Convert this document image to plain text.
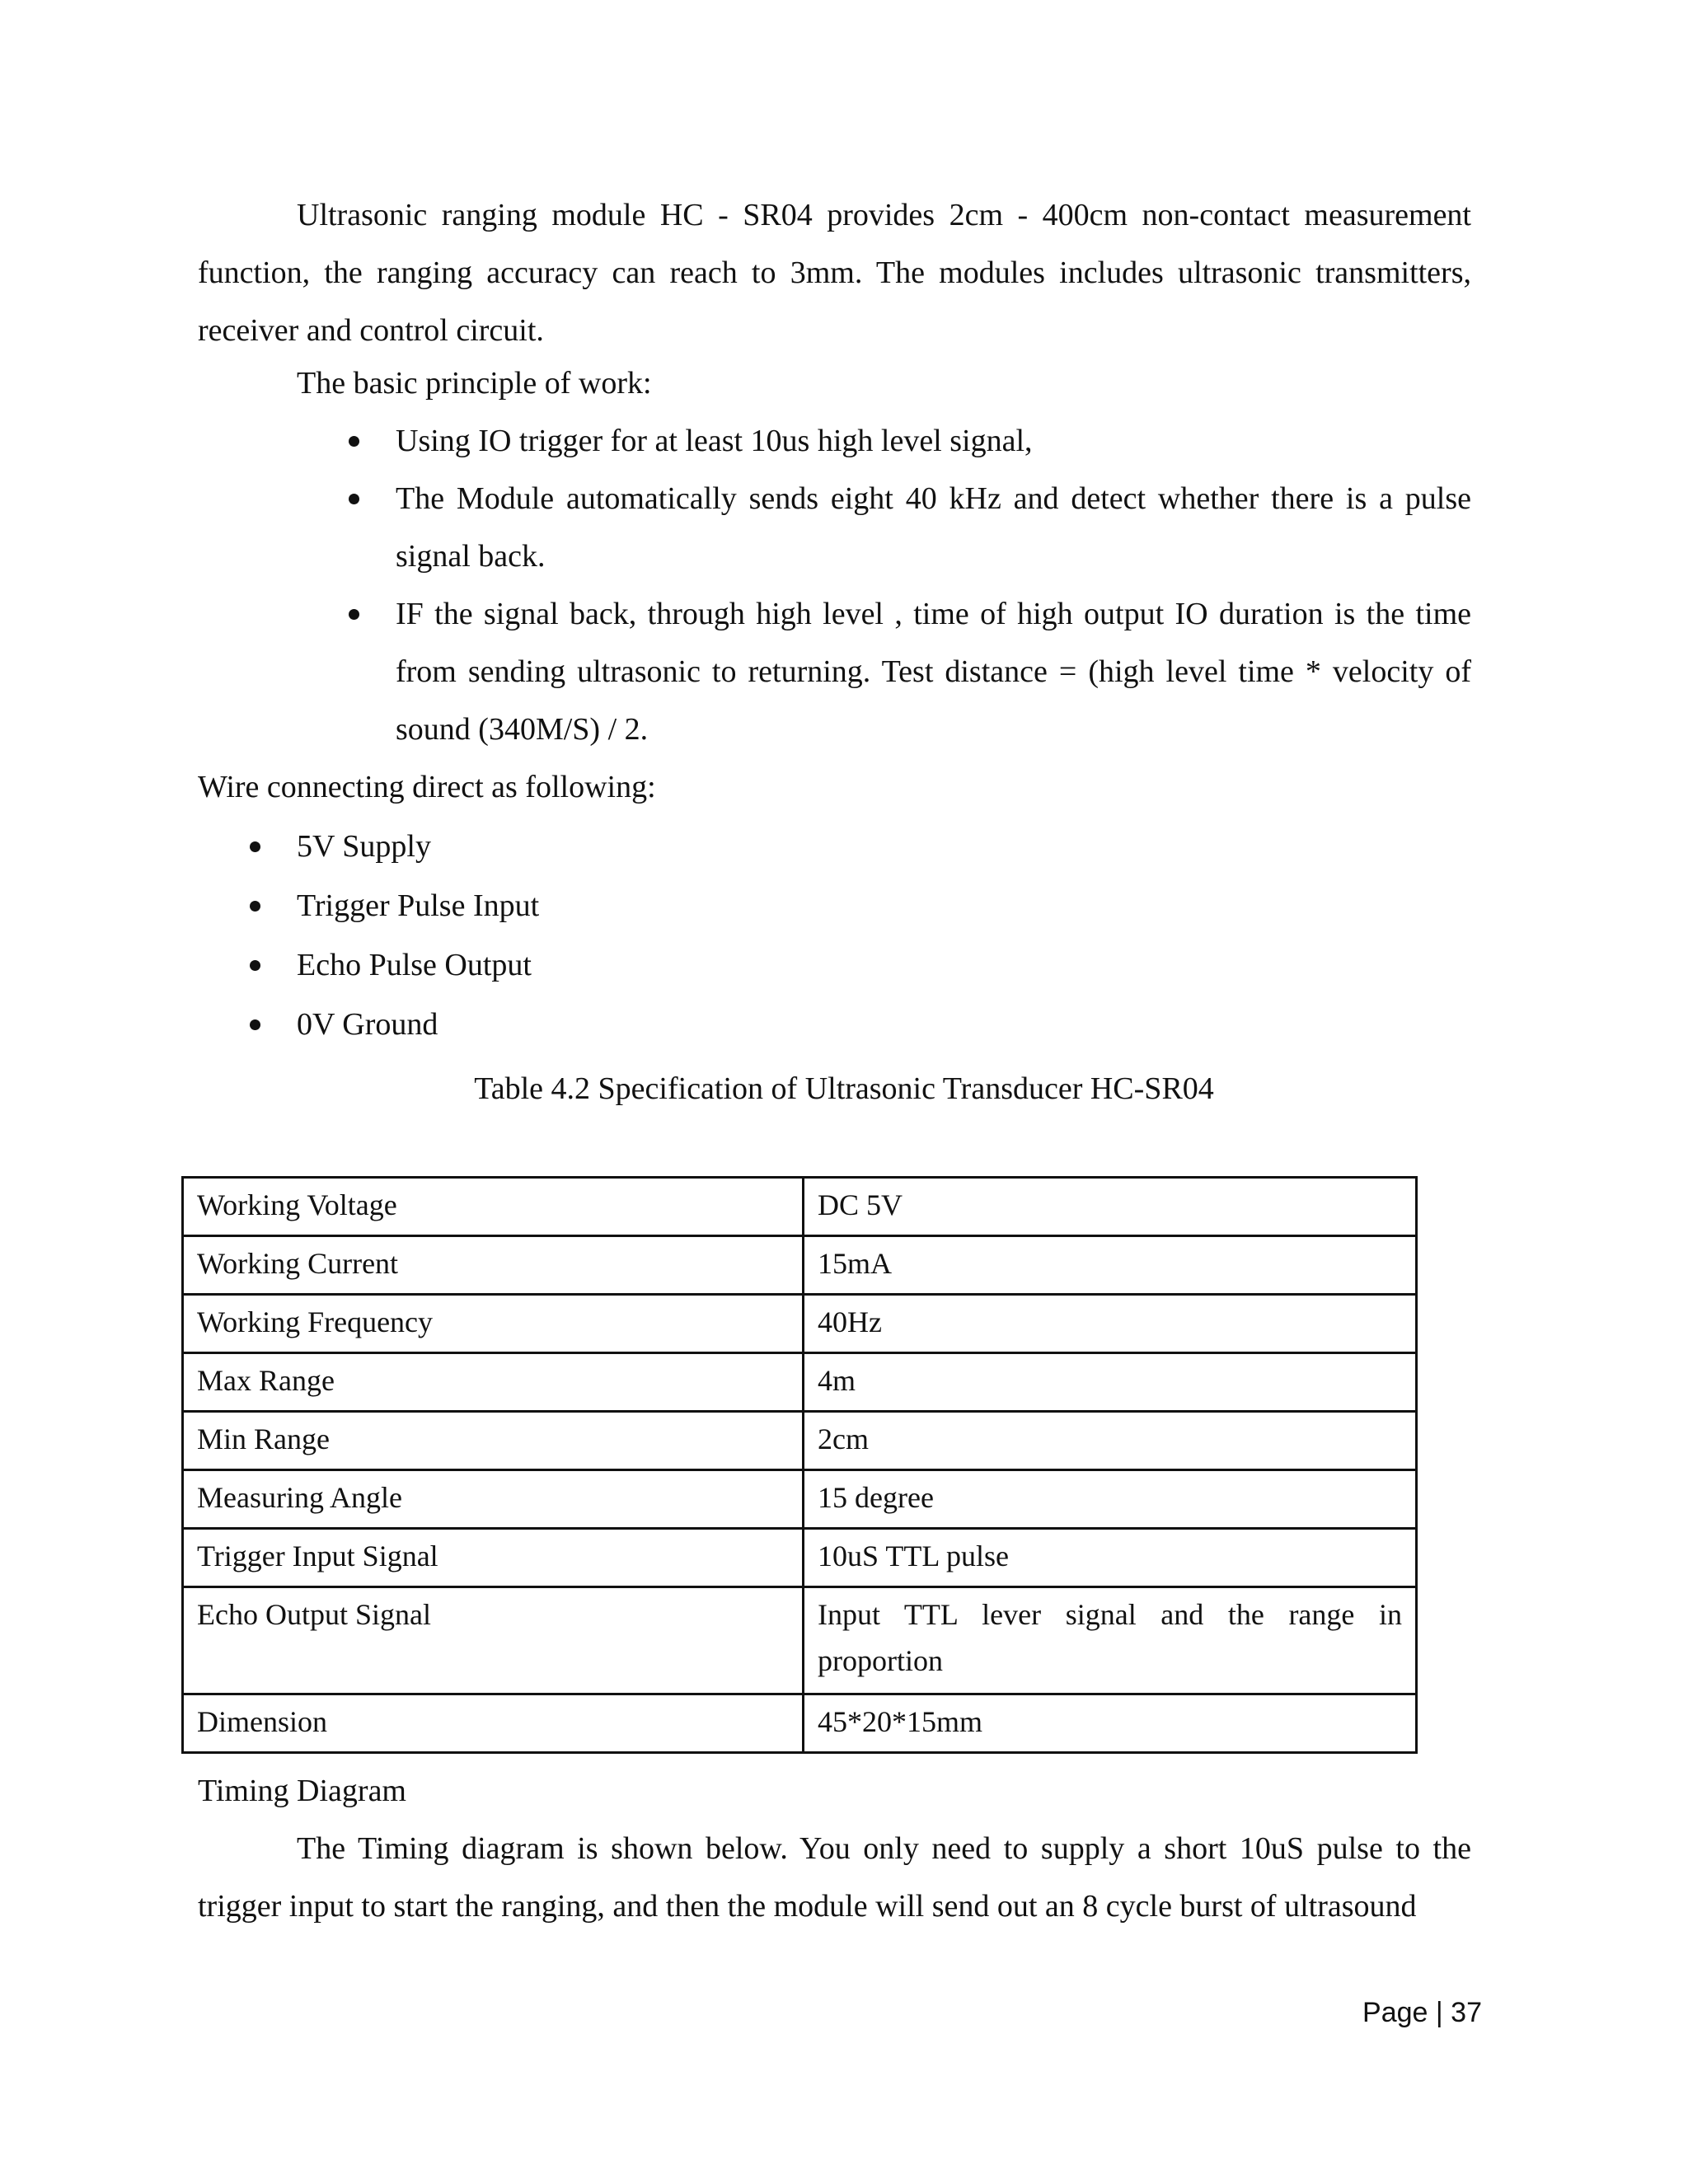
Ultrasonic ranging module HC - SR04 provides 2cm - 400cm non-contact measurement function, the ranging accuracy can reach to 3mm. The modules includes ultrasonic transmitters, receiver and control circuit.
The basic principle of work:
Using IO trigger for at least 10us high level signal,
The Module automatically sends eight 40 kHz and detect whether there is a pulse signal back.
IF the signal back, through high level , time of high output IO duration is the time from sending ultrasonic to returning. Test distance = (high level time * velocity of sound (340M/S) / 2.
Wire connecting direct as following:
5V Supply
Trigger Pulse Input
Echo Pulse Output
0V Ground
Table 4.2 Specification of Ultrasonic Transducer HC-SR04
Working Voltage	DC 5V
Working Current	15mA
Working Frequency	40Hz
Max Range	4m
Min Range	2cm
Measuring Angle	15 degree
Trigger Input Signal	10uS TTL pulse
Echo Output Signal	Input TTL lever signal and the range in proportion
Dimension	45*20*15mm
Timing Diagram
The Timing diagram is shown below. You only need to supply a short 10uS pulse to the trigger input to start the ranging, and then the module will send out an 8 cycle burst of ultrasound
Page | 37
